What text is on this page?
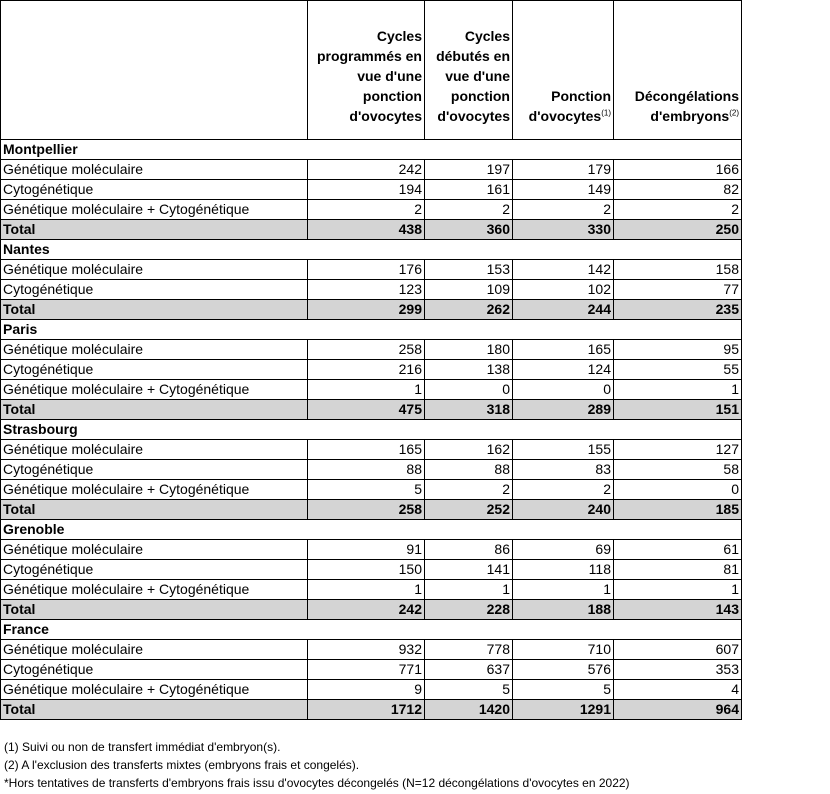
	Cycles programmés en vue d'une ponction d'ovocytes	Cycles débutés en vue d'une ponction d'ovocytes	Ponction d'ovocytes$^{(1)}$	Décongélations d'embryons$^{(2)}$
Montpellier				
Génétique moléculaire	242	197	179	166
Cytogénétique	194	161	149	82
Génétique moléculaire + Cytogénétique	2	2	2	2
Total	438	360	330	250
Nantes				
Génétique moléculaire	176	153	142	158
Cytogénétique	123	109	102	77
Total	299	262	244	235
Paris				
Génétique moléculaire	258	180	165	95
Cytogénétique	216	138	124	55
Génétique moléculaire + Cytogénétique	1	0	0	1
Total	475	318	289	151
Strasbourg				
Génétique moléculaire	165	162	155	127
Cytogénétique	88	88	83	58
Génétique moléculaire + Cytogénétique	5	2	2	0
Total	258	252	240	185
Grenoble				
Génétique moléculaire	91	86	69	61
Cytogénétique	150	141	118	81
Génétique moléculaire + Cytogénétique	1	1	1	1
Total	242	228	188	143
France				
Génétique moléculaire	932	778	710	607
Cytogénétique	771	637	576	353
Génétique moléculaire + Cytogénétique	9	5	5	4
Total	1712	1420	1291	964
(1) Suivi ou non de transfert immédiat d'embryon(s).
(2) A l'exclusion des transferts mixtes (embryons frais et congelés).
*Hors tentatives de transferts d'embryons frais issu d'ovocytes décongelés (N=12 décongélations d'ovocytes en 2022)
